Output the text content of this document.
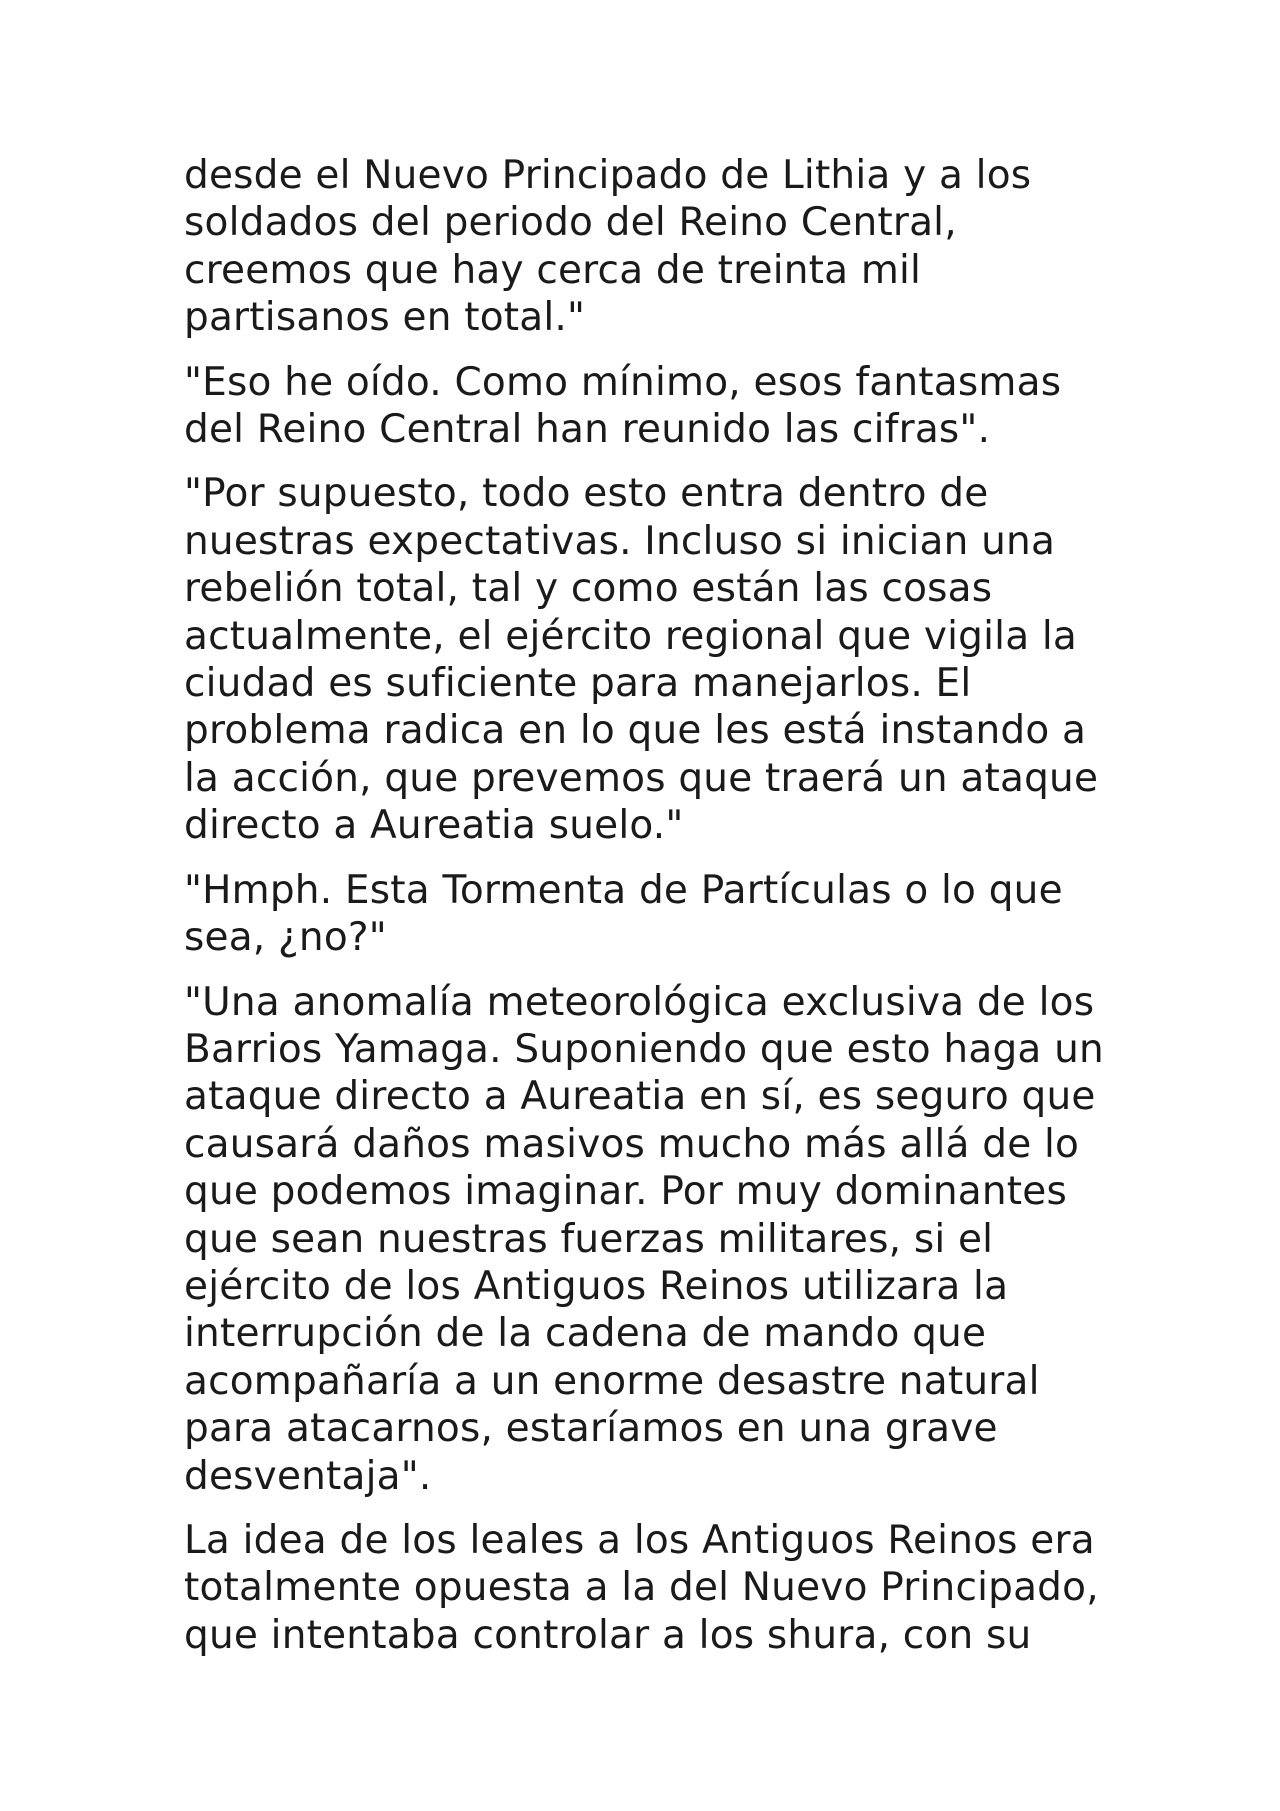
desde el Nuevo Principado de Lithia y a los
soldados del periodo del Reino Central,
creemos que hay cerca de treinta mil
partisanos en total."

"Eso he oído. Como mínimo, esos fantasmas
del Reino Central han reunido las cifras".

"Por supuesto, todo esto entra dentro de
nuestras expectativas. Incluso si inician una
rebelión total, tal y como están las cosas
actualmente, el ejército regional que vigila la
ciudad es suficiente para manejarlos. El
problema radica en lo que les está instando a
la acción, que prevemos que traerá un ataque
directo a Aureatia suelo."

"Hmph. Esta Tormenta de Partículas o lo que
sea, ¿no?"

"Una anomalía meteorológica exclusiva de los
Barrios Yamaga. Suponiendo que esto haga un
ataque directo a Aureatia en sí, es seguro que
causará daños masivos mucho más allá de lo
que podemos imaginar. Por muy dominantes
que sean nuestras fuerzas militares, si el
ejército de los Antiguos Reinos utilizara la
interrupción de la cadena de mando que
acompañaría a un enorme desastre natural
para atacarnos, estaríamos en una grave
desventaja".

La idea de los leales a los Antiguos Reinos era
totalmente opuesta a la del Nuevo Principado,
que intentaba controlar a los shura, con su
